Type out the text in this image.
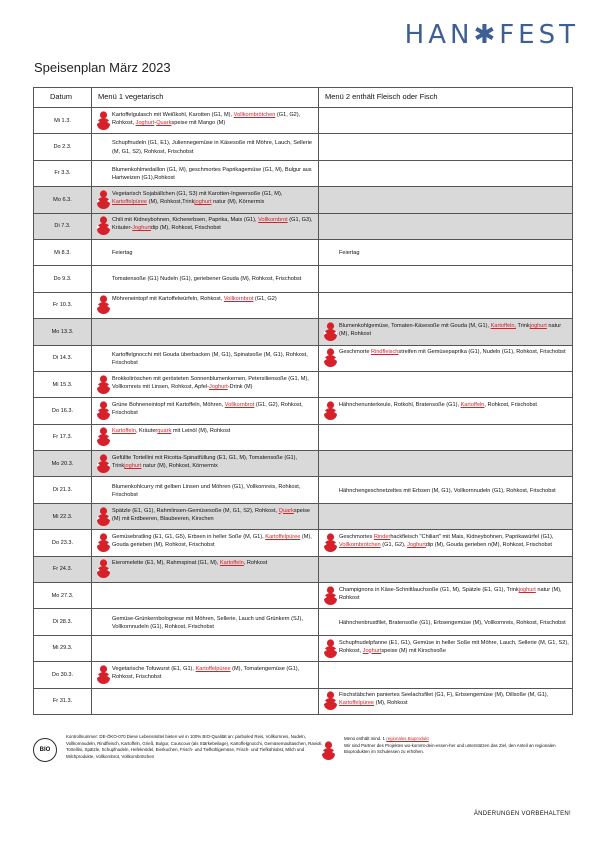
HAN✱FEST
Speisenplan März 2023
Datum	Menü 1 vegetarisch	Menü 2 enthält Fleisch oder Fisch
Mi 1.3.	Kartoffelgulasch mit Weißkohl, Karotten (G1, M), Vollkornbrötchen (G1, G2), Rohkost, Joghurt-Quarkspeise mit Mango (M)	

Do 2.3.	Schupfnudeln (G1, E1), Juliennegemüse in Käsesoße mit Möhre, Lauch, Sellerie (M, G1, S2), Rohkost, Frischobst	

Fr 3.3.	Blumenkohlmedaillon (G1, M), geschmortes Paprikagemüse (G1, M), Bulgur aus Hartweizen (G1),Rohkost	

Mo 6.3.	Vegetarisch Sojabällchen (G1, S3) mit Karotten-Ingwersoße (G1, M), Kartoffelpüree (M), Rohkost,Trinkjoghurt natur (M), Körnermix	

Di 7.3.	Chili mit Kidneybohnen, Kichererbsen, Paprika, Mais (G1), Vollkornbrot (G1, G3), Kräuter-Joghurtdip (M), Rohkost, Frischobst	

Mi 8.3.	Feiertag	Feiertag

Do 9.3.	Tomatensoße (G1) Nudeln (G1), geriebener Gouda (M), Rohkost, Frischobst	

Fr 10.3.	Möhreneintopf mit Kartoffelwürfeln, Rohkost, Vollkornbrot (G1, G2)	

Mo 13.3.		Blumenkohlgemüse, Tomaten-Käsesoße mit Gouda (M, G1), Kartoffeln, Trinkjoghurt natur (M), Rohkost

Di 14.3.	Kartoffelgnocchi mit Gouda überbacken (M, G1), Spinatsoße (M, G1), Rohkost, Frischobst	Geschmorte Rindfleischstreifen mit Gemüsepaprika (G1), Nudeln (G1), Rohkost, Frischobst

Mi 15.3.	Brokkoliröschen mit gerösteten Sonnenblumenkernen, Petersiliensoße (G1, M), Vollkornreis mit Linsen, Rohkost, Apfel-Joghurt-Drink (M)	

Do 16.3.	Grüne Bohneneintopf mit Kartoffeln, Möhren, Vollkornbrot (G1, G2), Rohkost, Frischobst	Hähnchenunterkeule, Rotkohl, Bratensoße (G1), Kartoffeln, Rohkost, Frischobst

Fr 17.3.	Kartoffeln, Kräuterquark mit Leinöl (M), Rohkost	

Mo 20.3.	Gefüllte Tortellini mit Ricotta-Spinatfüllung (E1, G1, M), Tomatensoße (G1), Trinkjoghurt natur (M), Rohkost, Körnermix	

Di 21.3.	Blumenkohlcurry mit gelben Linsen und Möhren (G1), Vollkornreis, Rohkost, Frischobst	Hähnchengeschnetzeltes mit Erbsen (M, G1), Vollkornnudeln (G1), Rohkost, Frischobst

Mi 22.3.	Spätzle (E1, G1), Rahmlinsen-Gemüsesoße (M, G1, S2), Rohkost, Quarkspeise (M) mit Erdbeeren, Blaubeeren, Kirschen	

Do 23.3.	Gemüsebratling (E1, G1, G5), Erbsen in heller Soße (M, G1), Kartoffelpüree (M), Gouda gerieben (M), Rohkost, Frischobst	Geschmortes Rinderhackfleisch "Chiliart" mit Mais, Kidneybohnen, Paprikawürfel (G1), Vollkornbrötchen (G1, G2), Joghurtdip (M), Gouda gerieben n(M), Rohkost, Frischobst

Fr 24.3.	Eieromelette (E1, M), Rahmspinat (G1, M), Kartoffeln, Rohkost	

Mo 27.3.		Champignons in Käse-Schnittlauchsoße (G1, M), Spätzle (E1, G1), Trinkjoghurt natur (M), Rohkost

Di 28.3.	Gemüse-Grünkernbolognese mit Möhren, Sellerie, Lauch und Grünkern (SJ), Vollkornnudeln (G1), Rohkost, Frischobst	Hähnchenbrustfilet, Bratensoße (G1), Erbsengemüse (M), Vollkornreis, Rohkost, Frischobst

Mi 29.3.		Schupfnudelpfanne (E1, G1), Gemüse in heller Soße mit Möhre, Lauch, Sellerie (M, G1, S2), Rohkost, Joghurtspeise (M) mit Kirschsoße

Do 30.3.	Vegetarische Tofuwurst (E1, G1), Kartoffelpüree (M), Tomatengemüse (G1), Rohkost, Frischobst	

Fr 31.3.		Fischstäbchen paniertes Seelachsfilet (G1, F), Erbsengemüse (M), Dillsoße (M, G1), Kartoffelpüree (M), Rohkost
BIO
Kontrollnummer: DE-ÖKO-070 Diese Lebensmittel bieten wir in 100% BIO-Qualität an: parboiled Reis, Vollkornreis, Nudeln, Vollkornnudeln, Rindfleisch, Kartoffeln, Grieß, Bulgur, Couscous (als Stärkebeilage), Kartoffelgnocchi, Gemüsemaultaschen, Ravioli, Tortellini, Spätzle, Schupfnudeln, Hefeknödel, Eierkuchen, Frisch- und Tiefkühlgemüse, Frisch- und Tiefkühlobst, Milch und Milchprodukte, Vollkornbrot, Vollkornbrötchen
Menü enthält mind. 1 regionales Bioprodukt
Wir sind Partner des Projektes wo-kommt-dein-essen-her und unterstützen das Ziel, den Anteil an regionalen Bioprodukten im Schulessen zu erhöhen.
ÄNDERUNGEN VORBEHALTEN!
